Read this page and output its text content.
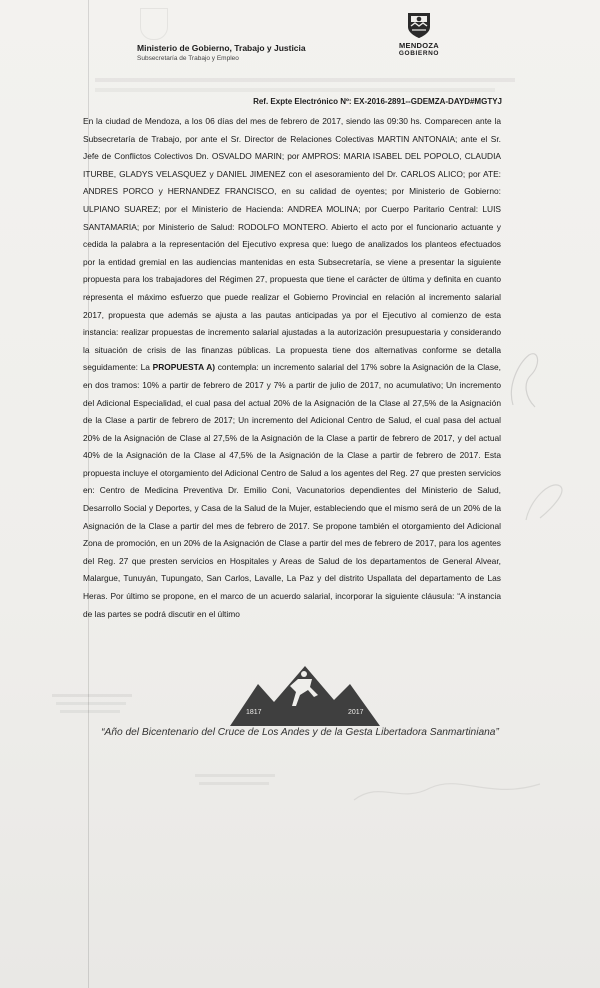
Ministerio de Gobierno, Trabajo y Justicia
Subsecretaría de Trabajo y Empleo
MENDOZA
GOBIERNO
Ref. Expte Electrónico Nº: EX-2016-2891--GDEMZA-DAYD#MGTYJ

En la ciudad de Mendoza, a los 06 días del mes de febrero de 2017, siendo las 09:30 hs. Comparecen ante la Subsecretaría de Trabajo, por ante el Sr. Director de Relaciones Colectivas MARTIN ANTONAIA; ante el Sr. Jefe de Conflictos Colectivos Dn. OSVALDO MARIN; por AMPROS: MARIA ISABEL DEL POPOLO, CLAUDIA ITURBE, GLADYS VELASQUEZ y DANIEL JIMENEZ con el asesoramiento del Dr. CARLOS ALICO; por ATE: ANDRES PORCO y HERNANDEZ FRANCISCO, en su calidad de oyentes; por Ministerio de Gobierno: ULPIANO SUAREZ; por el Ministerio de Hacienda: ANDREA MOLINA; por Cuerpo Paritario Central: LUIS SANTAMARIA; por Ministerio de Salud: RODOLFO MONTERO. Abierto el acto por el funcionario actuante y cedida la palabra a la representación del Ejecutivo expresa que: luego de analizados los planteos efectuados por la entidad gremial en las audiencias mantenidas en esta Subsecretaría, se viene a presentar la siguiente propuesta para los trabajadores del Régimen 27, propuesta que tiene el carácter de última y definita en cuanto representa el máximo esfuerzo que puede realizar el Gobierno Provincial en relación al incremento salarial 2017, propuesta que además se ajusta a las pautas anticipadas ya por el Ejecutivo al comienzo de esta instancia: realizar propuestas de incremento salarial ajustadas a la autorización presupuestaria y considerando la situación de crisis de las finanzas públicas. La propuesta tiene dos alternativas conforme se detalla seguidamente: La PROPUESTA A) contempla: un incremento salarial del 17% sobre la Asignación de la Clase, en dos tramos: 10% a partir de febrero de 2017 y 7% a partir de julio de 2017, no acumulativo; Un incremento del Adicional Especialidad, el cual pasa del actual 20% de la Asignación de la Clase al 27,5% de la Asignación de la Clase a partir de febrero de 2017; Un incremento del Adicional Centro de Salud, el cual pasa del actual 20% de la Asignación de Clase al 27,5% de la Asignación de la Clase a partir de febrero de 2017, y del actual 40% de la Asignación de la Clase al 47,5% de la Asignación de la Clase a partir de febrero de 2017. Esta propuesta incluye el otorgamiento del Adicional Centro de Salud a los agentes del Reg. 27 que presten servicios en: Centro de Medicina Preventiva Dr. Emilio Coni, Vacunatorios dependientes del Ministerio de Salud, Desarrollo Social y Deportes, y Casa de la Salud de la Mujer, estableciendo que el mismo será de un 20% de la Asignación de la Clase a partir del mes de febrero de 2017. Se propone también el otorgamiento del Adicional Zona de promoción, en un 20% de la Asignación de Clase a partir del mes de febrero de 2017, para los agentes del Reg. 27 que presten servicios en Hospitales y Areas de Salud de los departamentos de General Alvear, Malargue, Tunuyán, Tupungato, San Carlos, Lavalle, La Paz y del distrito Uspallata del departamento de Las Heras. Por último se propone, en el marco de un acuerdo salarial, incorporar la siguiente cláusula: “A instancia de las partes se podrá discutir en el último

1817	2017
“Año del Bicentenario del Cruce de Los Andes y de la Gesta Libertadora Sanmartiniana”
